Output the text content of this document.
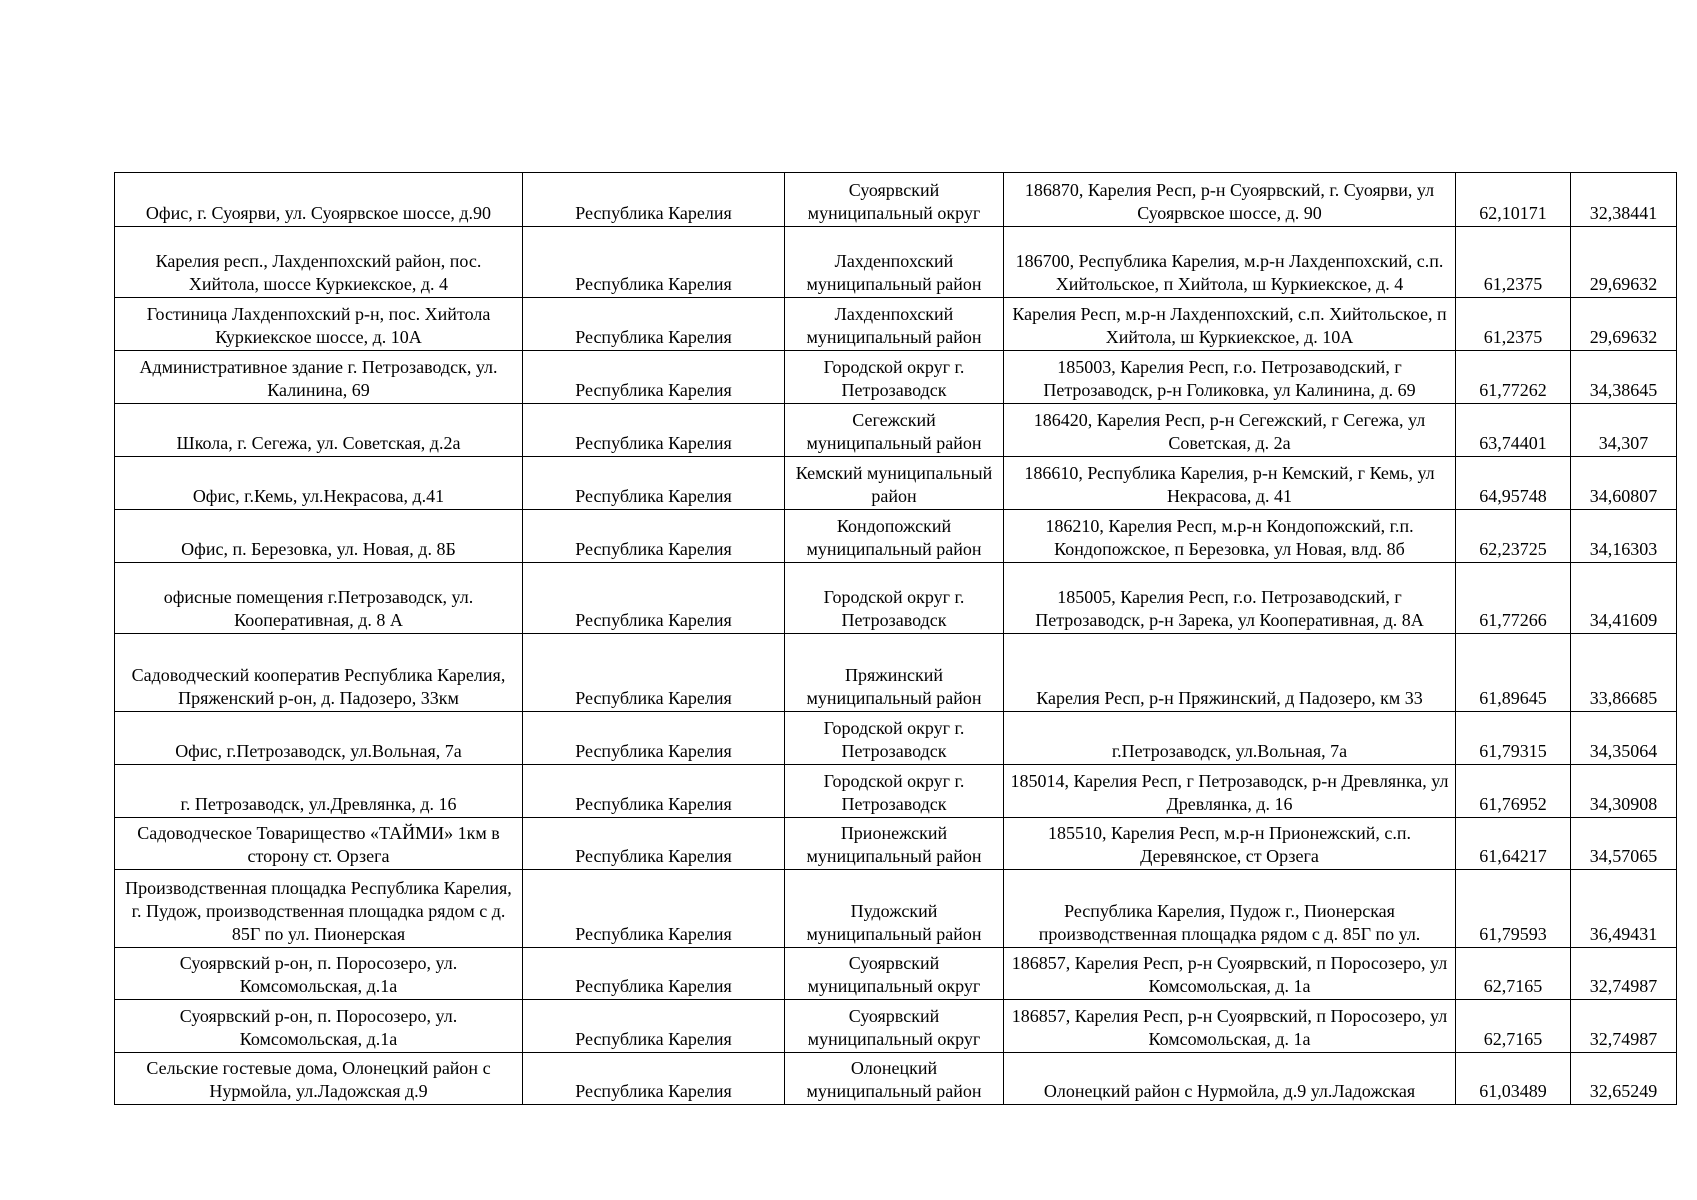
Офис, г. Суоярви, ул. Суоярвское шоссе, д.90	Республика Карелия	Суоярвский муниципальный округ	186870, Карелия Респ, р-н Суоярвский, г. Суоярви, ул Суоярвское шоссе, д. 90	62,10171	32,38441
Карелия респ., Лахденпохский район, пос. Хийтола, шоссе Куркиекское, д. 4	Республика Карелия	Лахденпохский муниципальный район	186700, Республика Карелия, м.р-н Лахденпохский, с.п. Хийтольское, п Хийтола, ш Куркиекское, д. 4	61,2375	29,69632
Гостиница Лахденпохский р-н, пос. Хийтола Куркиекское шоссе, д. 10А	Республика Карелия	Лахденпохский муниципальный район	Карелия Респ, м.р-н Лахденпохский, с.п. Хийтольское, п Хийтола, ш Куркиекское, д. 10А	61,2375	29,69632
Административное здание г. Петрозаводск, ул. Калинина, 69	Республика Карелия	Городской округ г. Петрозаводск	185003, Карелия Респ, г.о. Петрозаводский, г Петрозаводск, р-н Голиковка, ул Калинина, д. 69	61,77262	34,38645
Школа, г. Сегежа, ул. Советская, д.2а	Республика Карелия	Сегежский муниципальный район	186420, Карелия Респ, р-н Сегежский, г Сегежа, ул Советская, д. 2а	63,74401	34,307
Офис, г.Кемь, ул.Некрасова, д.41	Республика Карелия	Кемский муниципальный район	186610, Республика Карелия, р-н Кемский, г Кемь, ул Некрасова, д. 41	64,95748	34,60807
Офис, п. Березовка, ул. Новая, д. 8Б	Республика Карелия	Кондопожский муниципальный район	186210, Карелия Респ, м.р-н Кондопожский, г.п. Кондопожское, п Березовка, ул Новая, влд. 8б	62,23725	34,16303
офисные помещения г.Петрозаводск, ул. Кооперативная, д. 8 А	Республика Карелия	Городской округ г. Петрозаводск	185005, Карелия Респ, г.о. Петрозаводский, г Петрозаводск, р-н Зарека, ул Кооперативная, д. 8А	61,77266	34,41609
Садоводческий кооператив Республика Карелия, Пряженский р-он, д. Падозеро, 33км	Республика Карелия	Пряжинский муниципальный район	Карелия Респ, р-н Пряжинский, д Падозеро, км 33	61,89645	33,86685
Офис, г.Петрозаводск, ул.Вольная, 7а	Республика Карелия	Городской округ г. Петрозаводск	г.Петрозаводск, ул.Вольная, 7а	61,79315	34,35064
г. Петрозаводск, ул.Древлянка, д. 16	Республика Карелия	Городской округ г. Петрозаводск	185014, Карелия Респ, г Петрозаводск, р-н Древлянка, ул Древлянка, д. 16	61,76952	34,30908
Садоводческое Товарищество «ТАЙМИ» 1км в сторону ст. Орзега	Республика Карелия	Прионежский муниципальный район	185510, Карелия Респ, м.р-н Прионежский, с.п. Деревянское, ст Орзега	61,64217	34,57065
Производственная площадка Республика Карелия, г. Пудож, производственная площадка рядом с д. 85Г по ул. Пионерская	Республика Карелия	Пудожский муниципальный район	Республика Карелия, Пудож г., Пионерская производственная площадка рядом с д. 85Г по ул.	61,79593	36,49431
Суоярвский р-он, п. Поросозеро, ул. Комсомольская, д.1а	Республика Карелия	Суоярвский муниципальный округ	186857, Карелия Респ, р-н Суоярвский, п Поросозеро, ул Комсомольская, д. 1а	62,7165	32,74987
Суоярвский р-он, п. Поросозеро, ул. Комсомольская, д.1а	Республика Карелия	Суоярвский муниципальный округ	186857, Карелия Респ, р-н Суоярвский, п Поросозеро, ул Комсомольская, д. 1а	62,7165	32,74987
Сельские гостевые дома, Олонецкий район с Нурмойла, ул.Ладожская д.9	Республика Карелия	Олонецкий муниципальный район	Олонецкий район с Нурмойла, д.9 ул.Ладожская	61,03489	32,65249
